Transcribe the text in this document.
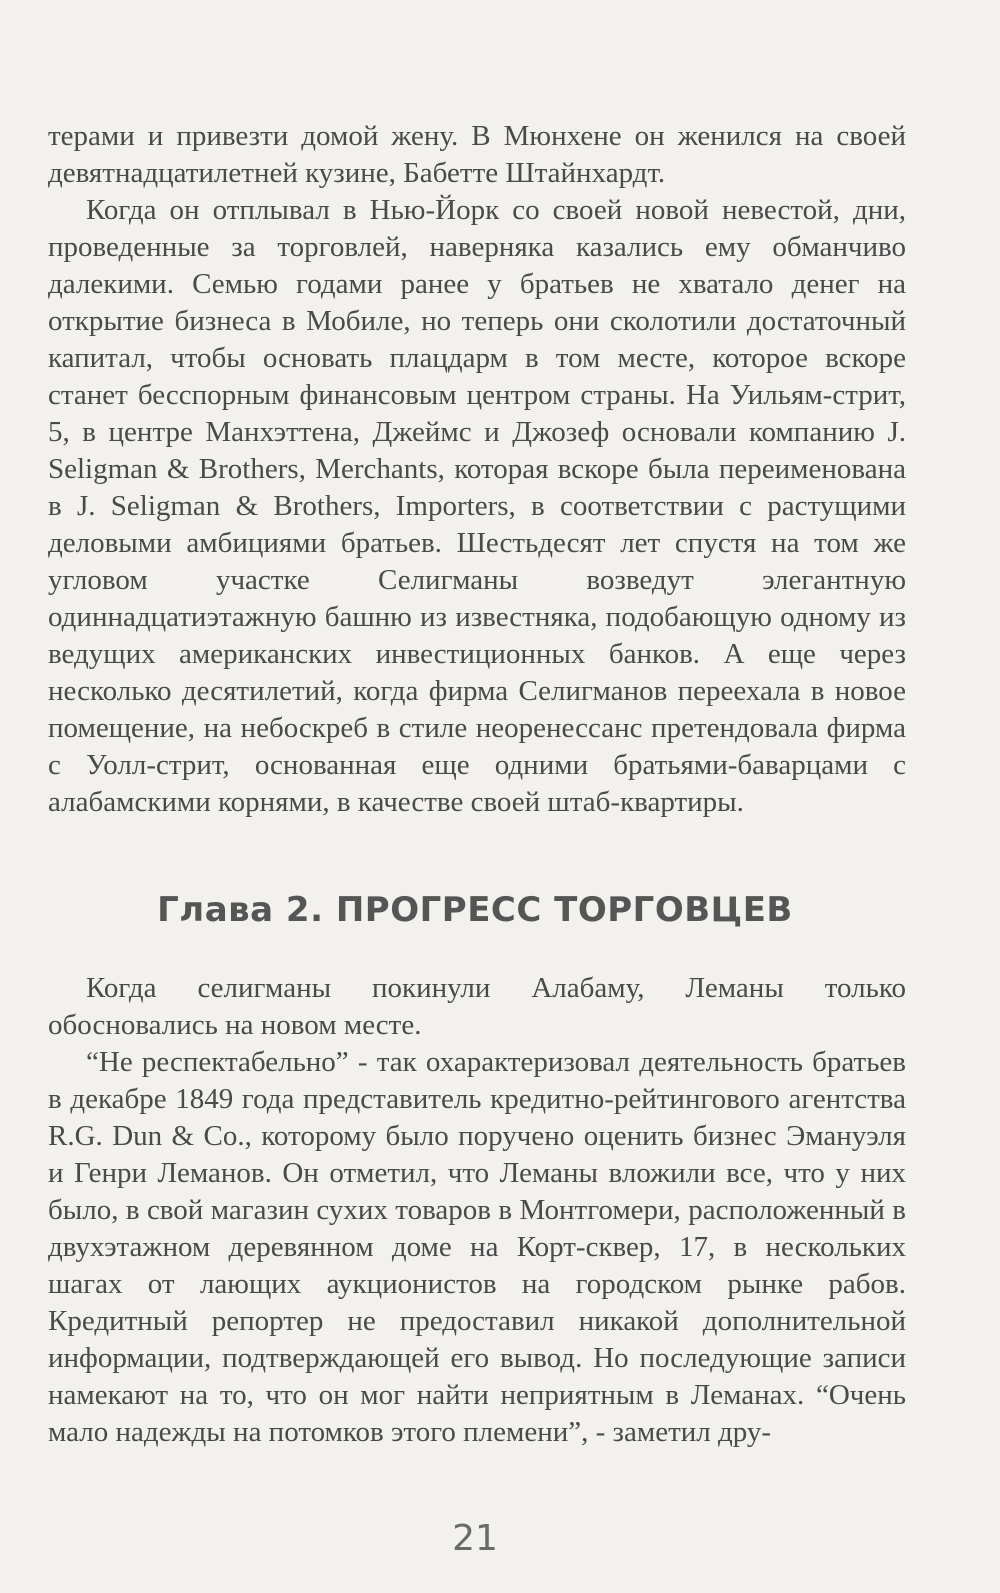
терами и привезти домой жену. В Мюнхене он женился на своей девятнадцатилетней кузине, Бабетте Штайнхардт.

Когда он отплывал в Нью-Йорк со своей новой невестой, дни, проведенные за торговлей, наверняка казались ему обманчиво далекими. Семью годами ранее у братьев не хватало денег на открытие бизнеса в Мобиле, но теперь они сколотили достаточный капитал, чтобы основать плацдарм в том месте, которое вскоре станет бесспорным финансовым центром страны. На Уильям-стрит, 5, в центре Манхэттена, Джеймс и Джозеф основали компанию J. Seligman & Brothers, Merchants, которая вскоре была переименована в J. Seligman & Brothers, Importers, в соответствии с растущими деловыми амбициями братьев. Шестьдесят лет спустя на том же угловом участке Селигманы возведут элегантную одиннадцатиэтажную башню из известняка, подобающую одному из ведущих американских инвестиционных банков. А еще через несколько десятилетий, когда фирма Селигманов переехала в новое помещение, на небоскреб в стиле неоренессанс претендовала фирма с Уолл-стрит, основанная еще одними братьями-баварцами с алабамскими корнями, в качестве своей штаб-квартиры.

Глава 2. ПРОГРЕСС ТОРГОВЦЕВ

Когда селигманы покинули Алабаму, Леманы только обосновались на новом месте.

“Не респектабельно” - так охарактеризовал деятельность братьев в декабре 1849 года представитель кредитно-рейтингового агентства R.G. Dun & Co., которому было поручено оценить бизнес Эмануэля и Генри Леманов. Он отметил, что Леманы вложили все, что у них было, в свой магазин сухих товаров в Монтгомери, расположенный в двухэтажном деревянном доме на Корт-сквер, 17, в нескольких шагах от лающих аукционистов на городском рынке рабов. Кредитный репортер не предоставил никакой дополнительной информации, подтверждающей его вывод. Но последующие записи намекают на то, что он мог найти неприятным в Леманах. “Очень мало надежды на потомков этого племени”, - заметил дру-

21
